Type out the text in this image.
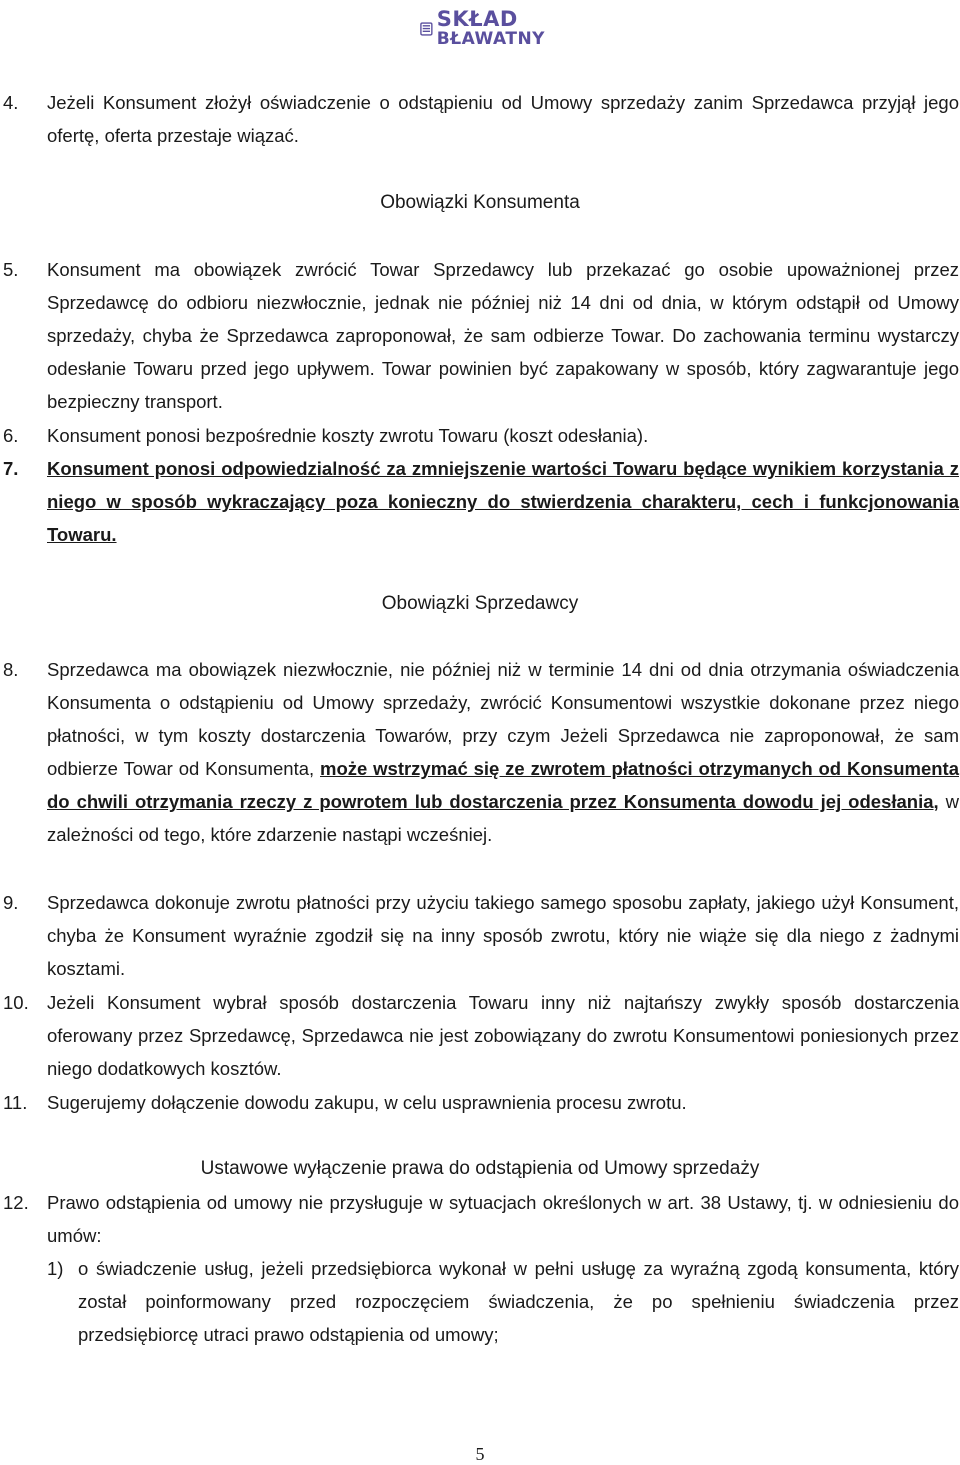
SKŁAD
BŁAWATNY
4. Jeżeli Konsument złożył oświadczenie o odstąpieniu od Umowy sprzedaży zanim Sprzedawca przyjął jego ofertę, oferta przestaje wiązać.
Obowiązki Konsumenta
5. Konsument ma obowiązek zwrócić Towar Sprzedawcy lub przekazać go osobie upoważnionej przez Sprzedawcę do odbioru niezwłocznie, jednak nie później niż 14 dni od dnia, w którym odstąpił od Umowy sprzedaży, chyba że Sprzedawca zaproponował, że sam odbierze Towar. Do zachowania terminu wystarczy odesłanie Towaru przed jego upływem. Towar powinien być zapakowany w sposób, który zagwarantuje jego bezpieczny transport.
6. Konsument ponosi bezpośrednie koszty zwrotu Towaru (koszt odesłania).
7. Konsument ponosi odpowiedzialność za zmniejszenie wartości Towaru będące wynikiem korzystania z niego w sposób wykraczający poza konieczny do stwierdzenia charakteru, cech i funkcjonowania Towaru.
Obowiązki Sprzedawcy
8. Sprzedawca ma obowiązek niezwłocznie, nie później niż w terminie 14 dni od dnia otrzymania oświadczenia Konsumenta o odstąpieniu od Umowy sprzedaży, zwrócić Konsumentowi wszystkie dokonane przez niego płatności, w tym koszty dostarczenia Towarów, przy czym Jeżeli Sprzedawca nie zaproponował, że sam odbierze Towar od Konsumenta, może wstrzymać się ze zwrotem płatności otrzymanych od Konsumenta do chwili otrzymania rzeczy z powrotem lub dostarczenia przez Konsumenta dowodu jej odesłania, w zależności od tego, które zdarzenie nastąpi wcześniej.
9. Sprzedawca dokonuje zwrotu płatności przy użyciu takiego samego sposobu zapłaty, jakiego użył Konsument, chyba że Konsument wyraźnie zgodził się na inny sposób zwrotu, który nie wiąże się dla niego z żadnymi kosztami.
10. Jeżeli Konsument wybrał sposób dostarczenia Towaru inny niż najtańszy zwykły sposób dostarczenia oferowany przez Sprzedawcę, Sprzedawca nie jest zobowiązany do zwrotu Konsumentowi poniesionych przez niego dodatkowych kosztów.
11. Sugerujemy dołączenie dowodu zakupu, w celu usprawnienia procesu zwrotu.
Ustawowe wyłączenie prawa do odstąpienia od Umowy sprzedaży
12. Prawo odstąpienia od umowy nie przysługuje w sytuacjach określonych w art. 38 Ustawy, tj. w odniesieniu do umów:
1) o świadczenie usług, jeżeli przedsiębiorca wykonał w pełni usługę za wyraźną zgodą konsumenta, który został poinformowany przed rozpoczęciem świadczenia, że po spełnieniu świadczenia przez przedsiębiorcę utraci prawo odstąpienia od umowy;
5
